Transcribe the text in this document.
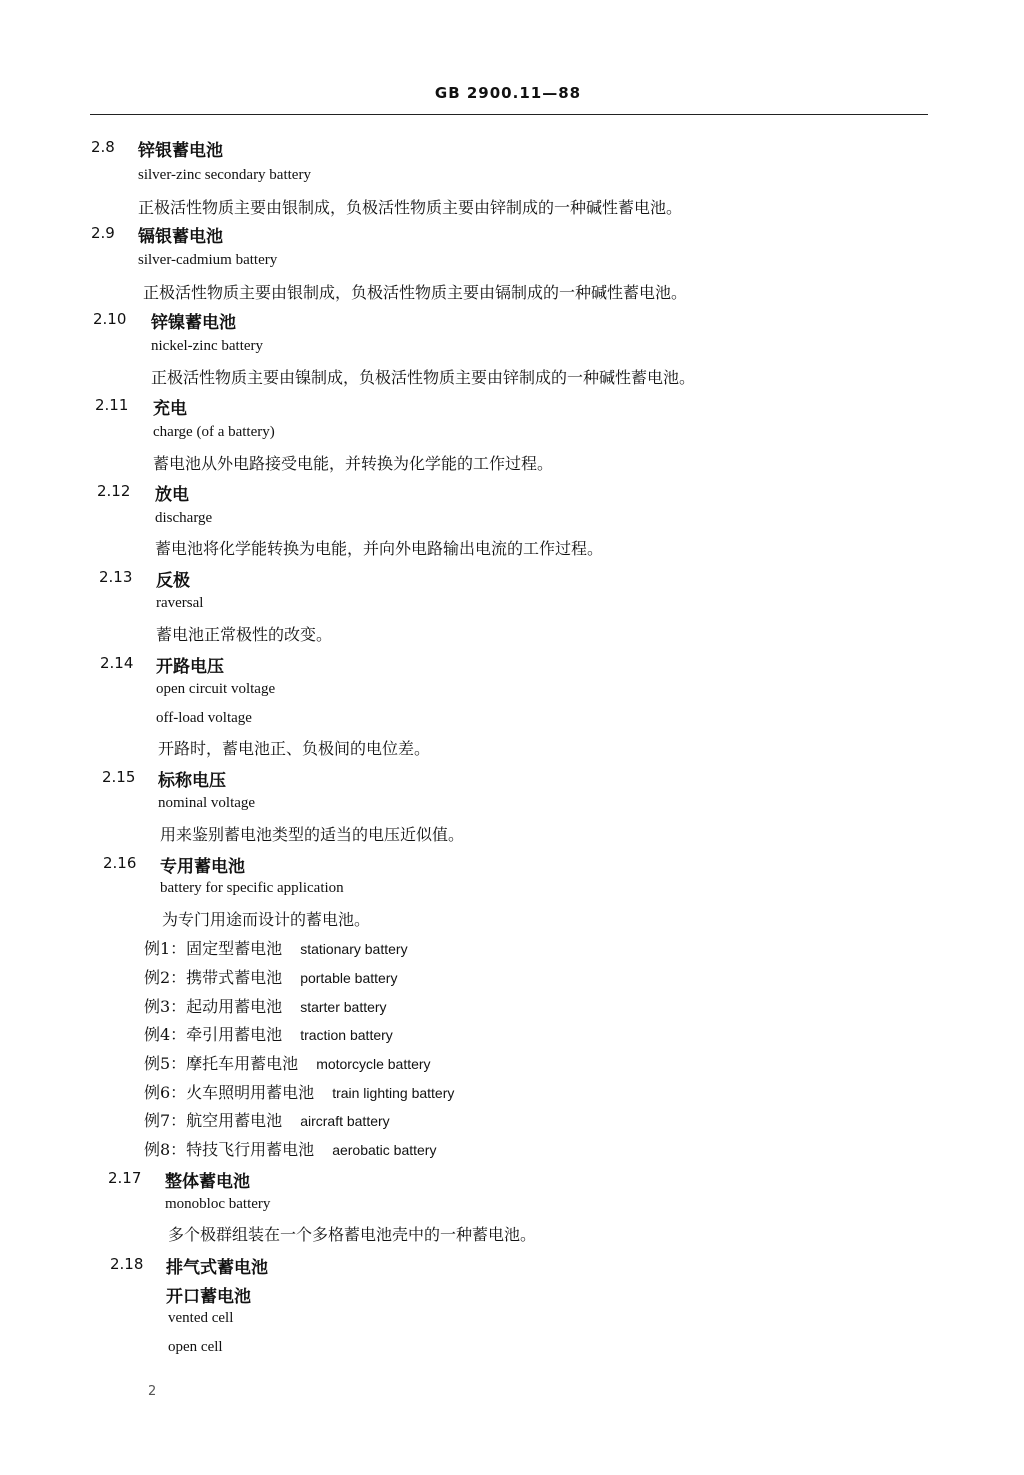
GB 2900.11—88
2.8 锌银蓄电池
silver-zinc secondary battery
正极活性物质主要由银制成，负极活性物质主要由锌制成的一种碱性蓄电池。
2.9 镉银蓄电池
silver-cadmium battery
正极活性物质主要由银制成，负极活性物质主要由镉制成的一种碱性蓄电池。
2.10 锌镍蓄电池
nickel-zinc battery
正极活性物质主要由镍制成，负极活性物质主要由锌制成的一种碱性蓄电池。
2.11 充电
charge (of a battery)
蓄电池从外电路接受电能，并转换为化学能的工作过程。
2.12 放电
discharge
蓄电池将化学能转换为电能，并向外电路输出电流的工作过程。
2.13 反极
raversal
蓄电池正常极性的改变。
2.14 开路电压
open circuit voltage
off-load voltage
开路时，蓄电池正、负极间的电位差。
2.15 标称电压
nominal voltage
用来鉴别蓄电池类型的适当的电压近似值。
2.16 专用蓄电池
battery for specific application
为专门用途而设计的蓄电池。
2.17 整体蓄电池
monobloc battery
多个极群组装在一个多格蓄电池壳中的一种蓄电池。
2.18 排气式蓄电池
开口蓄电池
vented cell
open cell
例1：固定型蓄电池 stationary battery
例2：携带式蓄电池 portable battery
例3：起动用蓄电池 starter battery
例4：牵引用蓄电池 traction battery
例5：摩托车用蓄电池 motorcycle battery
例6：火车照明用蓄电池 train lighting battery
例7：航空用蓄电池 aircraft battery
例8：特技飞行用蓄电池 aerobatic battery
2
